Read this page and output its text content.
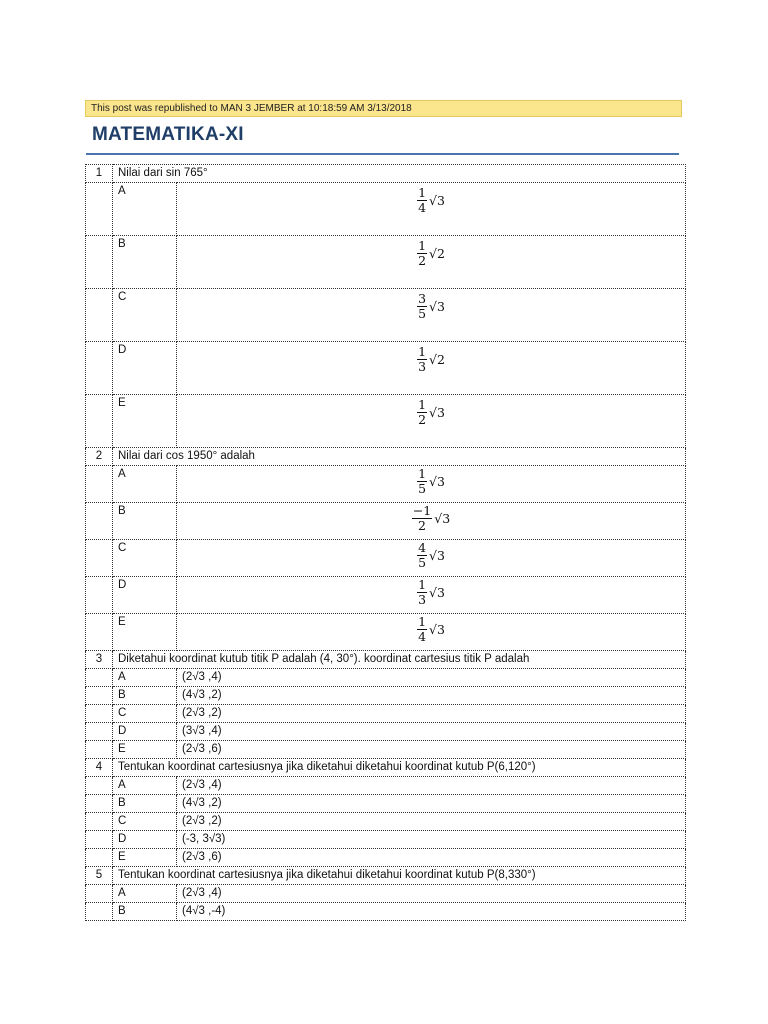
This post was republished to MAN 3 JEMBER at 10:18:59 AM 3/13/2018
MATEMATIKA-XI
1	Nilai dari sin 765°	
	A	$\frac{1}{4} √3$

	B	$\frac{1}{2} √2$

	C	$\frac{3}{5} √3$

	D	$\frac{1}{3} √2$

	E	$\frac{1}{2} √3$

2	Nilai dari cos 1950° adalah	
	A	$\frac{1}{5} √3$

	B	$\frac{-1}{2} √3$

	C	$\frac{4}{5} √3$

	D	$\frac{1}{3} √3$

	E	$\frac{1}{4} √3$

3	Diketahui koordinat kutub titik P adalah (4, 30°). koordinat cartesius titik P adalah	
	A	(2√3 ,4)
	B	(4√3 ,2)
	C	(2√3 ,2)
	D	(3√3 ,4)
	E	(2√3 ,6)
4	Tentukan koordinat cartesiusnya jika diketahui diketahui koordinat kutub P(6,120°)	
	A	(2√3 ,4)
	B	(4√3 ,2)
	C	(2√3 ,2)
	D	(-3, 3√3)
	E	(2√3 ,6)
5	Tentukan koordinat cartesiusnya jika diketahui diketahui koordinat kutub P(8,330°)	
	A	(2√3 ,4)
	B	(4√3 ,-4)
